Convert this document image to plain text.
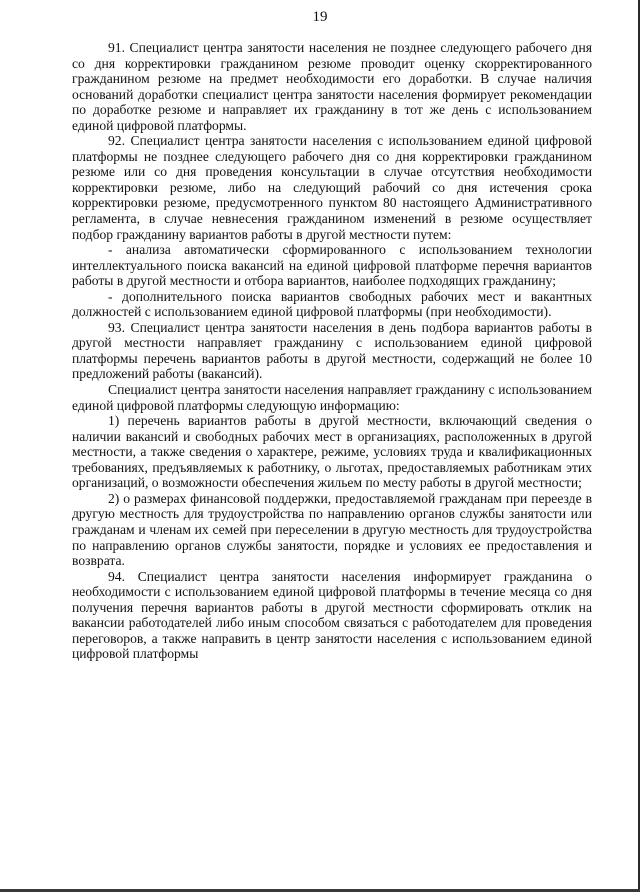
19

91. Специалист центра занятости населения не позднее следующего рабочего дня со дня корректировки гражданином резюме проводит оценку скорректированного гражданином резюме на предмет необходимости его доработки. В случае наличия оснований доработки специалист центра занятости населения формирует рекомендации по доработке резюме и направляет их гражданину в тот же день с использованием единой цифровой платформы.

92. Специалист центра занятости населения с использованием единой цифровой платформы не позднее следующего рабочего дня со дня корректировки гражданином резюме или со дня проведения консультации в случае отсутствия необходимости корректировки резюме, либо на следующий рабочий со дня истечения срока корректировки резюме, предусмотренного пунктом 80 настоящего Административного регламента, в случае невнесения гражданином изменений в резюме осуществляет подбор гражданину вариантов работы в другой местности путем:

- анализа автоматически сформированного с использованием технологии интеллектуального поиска вакансий на единой цифровой платформе перечня вариантов работы в другой местности и отбора вариантов, наиболее подходящих гражданину;

- дополнительного поиска вариантов свободных рабочих мест и вакантных должностей с использованием единой цифровой платформы (при необходимости).

93. Специалист центра занятости населения в день подбора вариантов работы в другой местности направляет гражданину с использованием единой цифровой платформы перечень вариантов работы в другой местности, содержащий не более 10 предложений работы (вакансий).

Специалист центра занятости населения направляет гражданину с использованием единой цифровой платформы следующую информацию:

1) перечень вариантов работы в другой местности, включающий сведения о наличии вакансий и свободных рабочих мест в организациях, расположенных в другой местности, а также сведения о характере, режиме, условиях труда и квалификационных требованиях, предъявляемых к работнику, о льготах, предоставляемых работникам этих организаций, о возможности обеспечения жильем по месту работы в другой местности;

2) о размерах финансовой поддержки, предоставляемой гражданам при переезде в другую местность для трудоустройства по направлению органов службы занятости или гражданам и членам их семей при переселении в другую местность для трудоустройства по направлению органов службы занятости, порядке и условиях ее предоставления и возврата.

94. Специалист центра занятости населения информирует гражданина о необходимости с использованием единой цифровой платформы в течение месяца со дня получения перечня вариантов работы в другой местности сформировать отклик на вакансии работодателей либо иным способом связаться с работодателем для проведения переговоров, а также направить в центр занятости населения с использованием единой цифровой платформы
